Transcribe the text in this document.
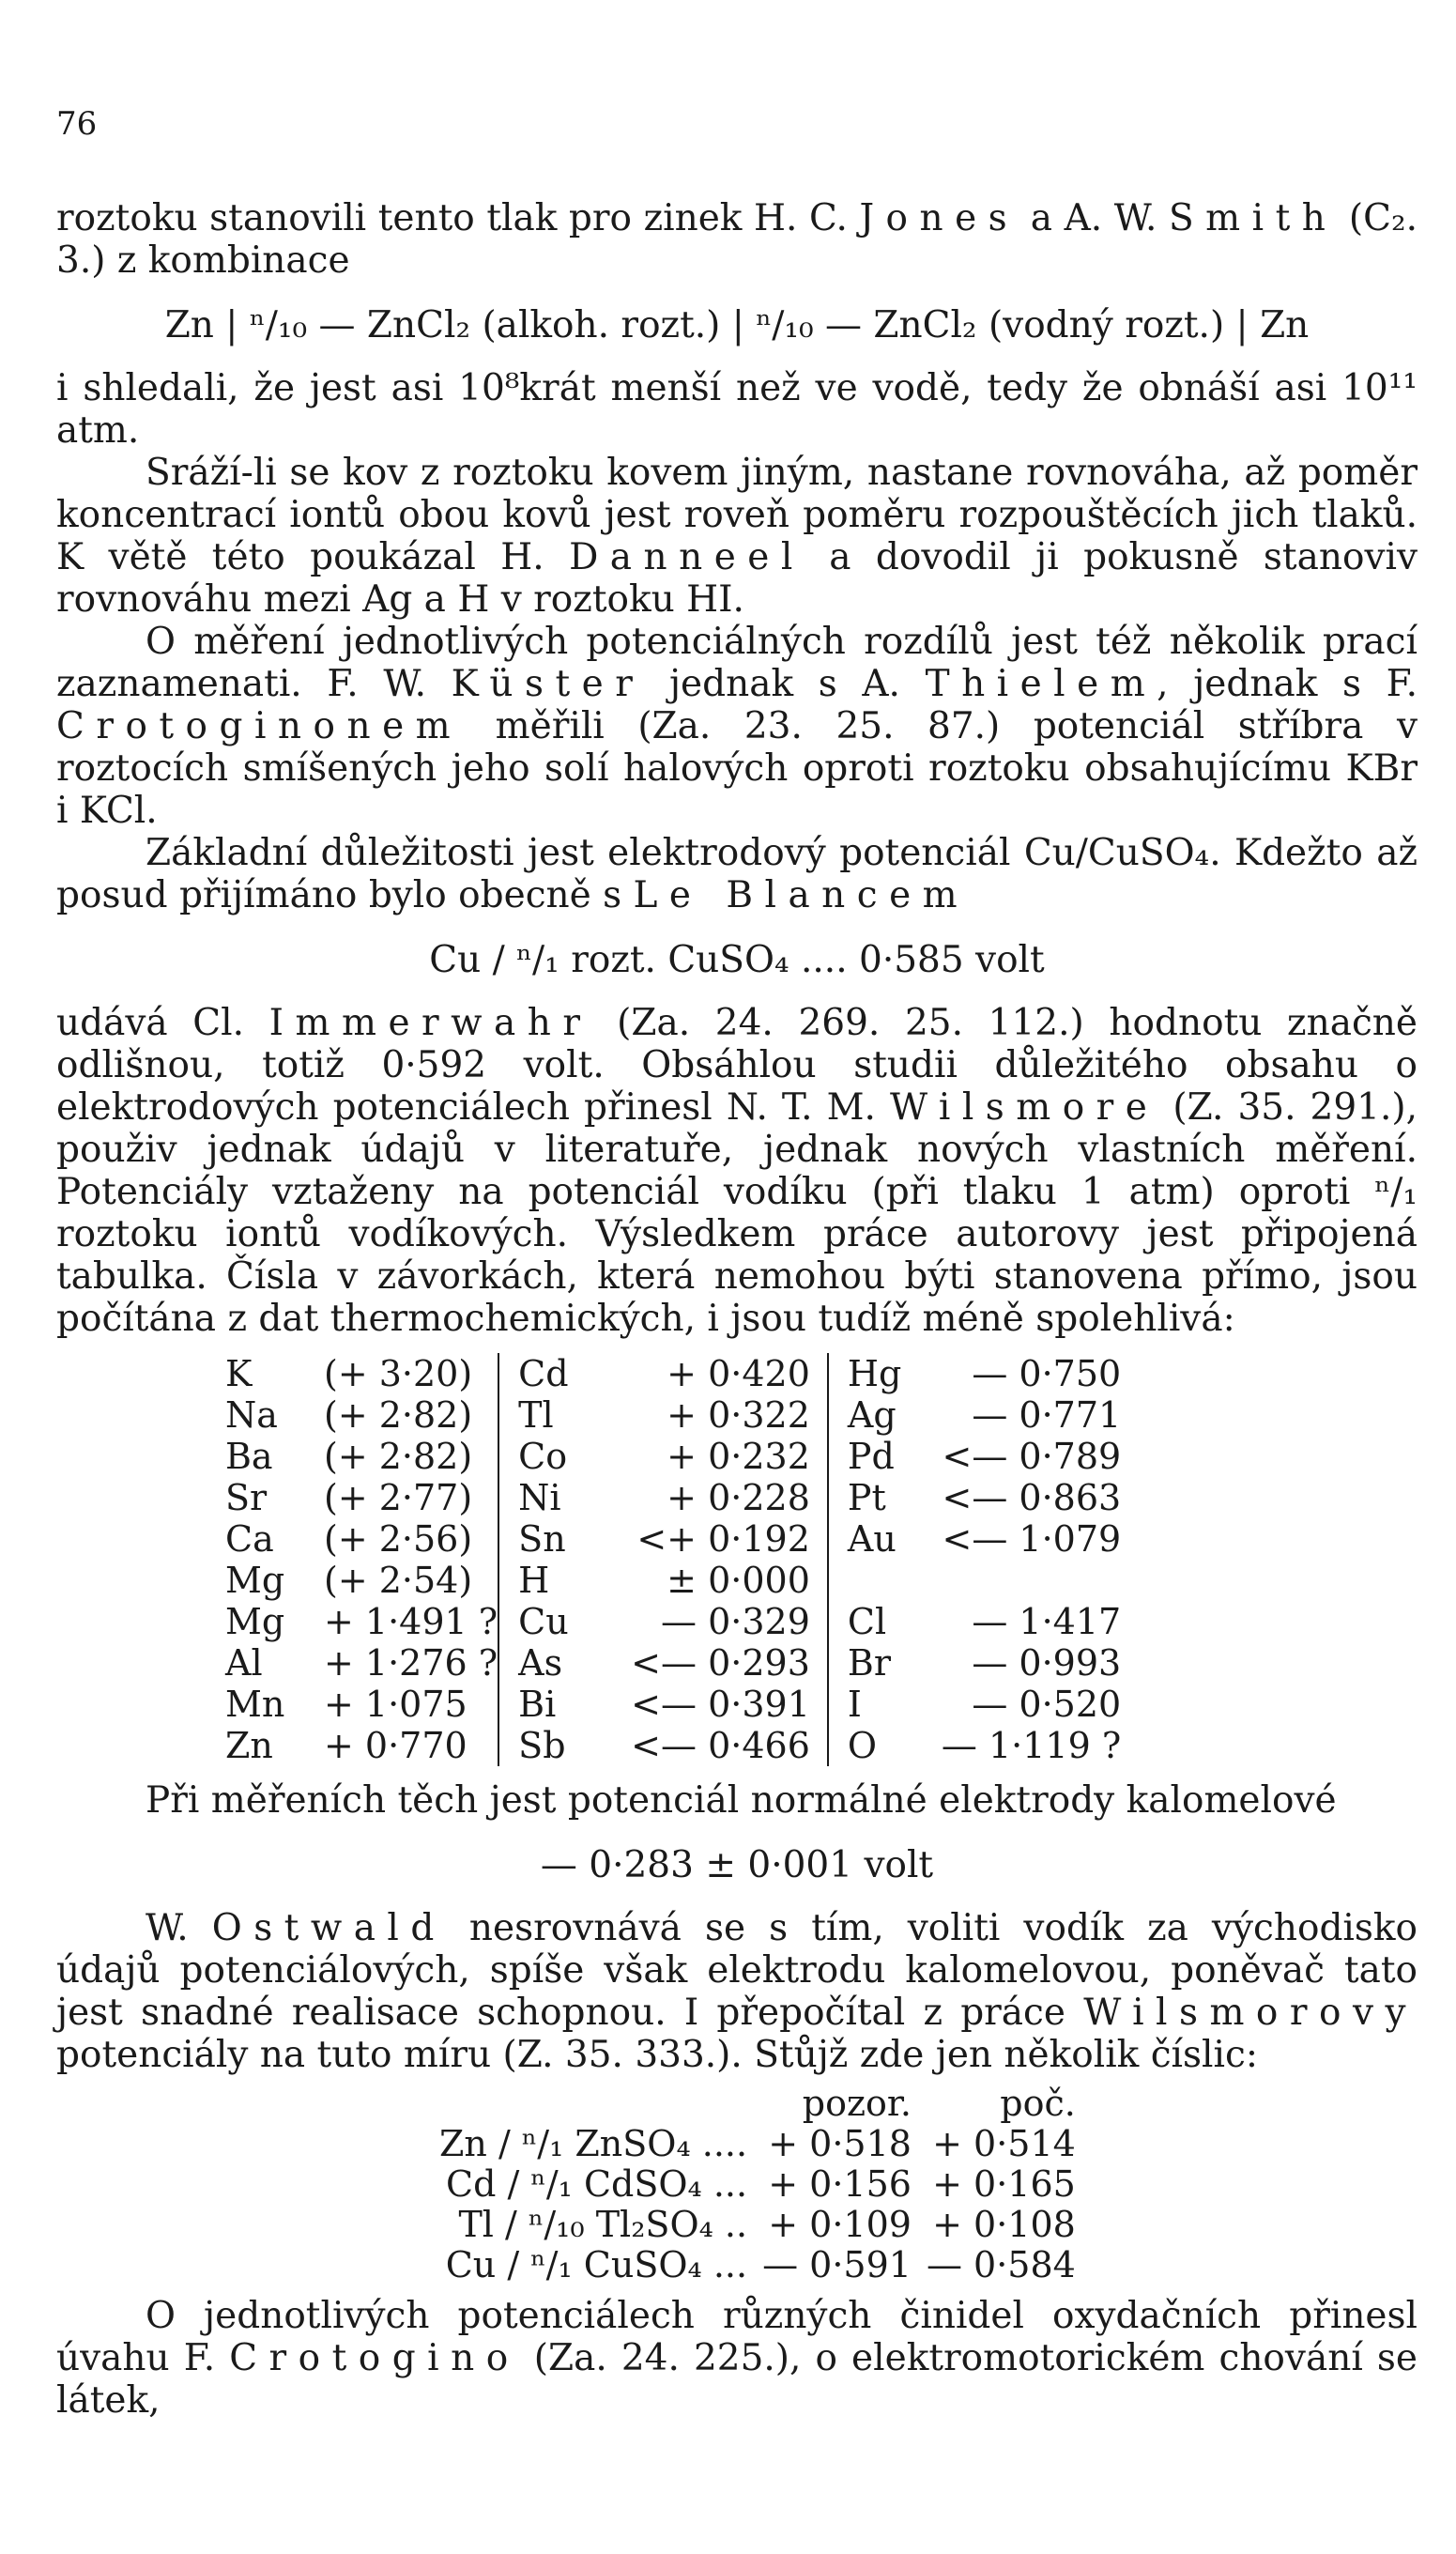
76

roztoku stanovili tento tlak pro zinek H. C. Jones a A. W. Smith (C₂. 3.) z kombinace

Zn | ⁿ/₁₀ — ZnCl₂ (alkoh. rozt.) | ⁿ/₁₀ — ZnCl₂ (vodný rozt.) | Zn

i shledali, že jest asi 10⁸krát menší než ve vodě, tedy že obnáší asi 10¹¹ atm.

Sráží-li se kov z roztoku kovem jiným, nastane rovnováha, až poměr koncentrací iontů obou kovů jest roveň poměru rozpouštěcích jich tlaků. K větě této poukázal H. Danneel a dovodil ji pokusně stanoviv rovnováhu mezi Ag a H v roztoku HI.

O měření jednotlivých potenciálných rozdílů jest též několik prací zaznamenati. F. W. Küster jednak s A. Thielem, jednak s F. Crotoginonem měřili (Za. 23. 25. 87.) potenciál stříbra v roztocích smíšených jeho solí halových oproti roztoku obsahujícímu KBr i KCl.

Základní důležitosti jest elektrodový potenciál Cu/CuSO₄. Kdežto až posud přijímáno bylo obecně s Le Blancem

Cu / ⁿ/₁ rozt. CuSO₄ .... 0·585 volt

udává Cl. Immerwahr (Za. 24. 269. 25. 112.) hodnotu značně odlišnou, totiž 0·592 volt. Obsáhlou studii důležitého obsahu o elektrodových potenciálech přinesl N. T. M. Wilsmore (Z. 35. 291.), použiv jednak údajů v literatuře, jednak nových vlastních měření. Potenciály vztaženy na potenciál vodíku (při tlaku 1 atm) oproti ⁿ/₁ roztoku iontů vodíkových. Výsledkem práce autorovy jest připojená tabulka. Čísla v závorkách, která nemohou býti stanovena přímo, jsou počítána z dat thermochemických, i jsou tudíž méně spolehlivá:

K	(+ 3·20)	Cd	+ 0·420	Hg	— 0·750
Na	(+ 2·82)	Tl	+ 0·322	Ag	— 0·771
Ba	(+ 2·82)	Co	+ 0·232	Pd	<— 0·789
Sr	(+ 2·77)	Ni	+ 0·228	Pt	<— 0·863
Ca	(+ 2·56)	Sn	<+ 0·192	Au	<— 1·079
Mg	(+ 2·54)	H	± 0·000		
Mg	+ 1·491 ?	Cu	— 0·329	Cl	— 1·417
Al	+ 1·276 ?	As	<— 0·293	Br	— 0·993
Mn	+ 1·075	Bi	<— 0·391	I	— 0·520
Zn	+ 0·770	Sb	<— 0·466	O	— 1·119 ?

Při měřeních těch jest potenciál normálné elektrody kalomelové

— 0·283 ± 0·001 volt

W. Ostwald nesrovnává se s tím, voliti vodík za východisko údajů potenciálových, spíše však elektrodu kalomelovou, poněvač tato jest snadné realisace schopnou. I přepočítal z práce Wilsmorovy potenciály na tuto míru (Z. 35. 333.). Stůjž zde jen několik číslic:

	pozor.	poč.
Zn / ⁿ/₁ ZnSO₄ ....	+ 0·518	+ 0·514
Cd / ⁿ/₁ CdSO₄ ...	+ 0·156	+ 0·165
Tl / ⁿ/₁₀ Tl₂SO₄ ..	+ 0·109	+ 0·108
Cu / ⁿ/₁ CuSO₄ ...	— 0·591	— 0·584

O jednotlivých potenciálech různých činidel oxydačních přinesl úvahu F. Crotogino (Za. 24. 225.), o elektromotorickém chování se látek,
